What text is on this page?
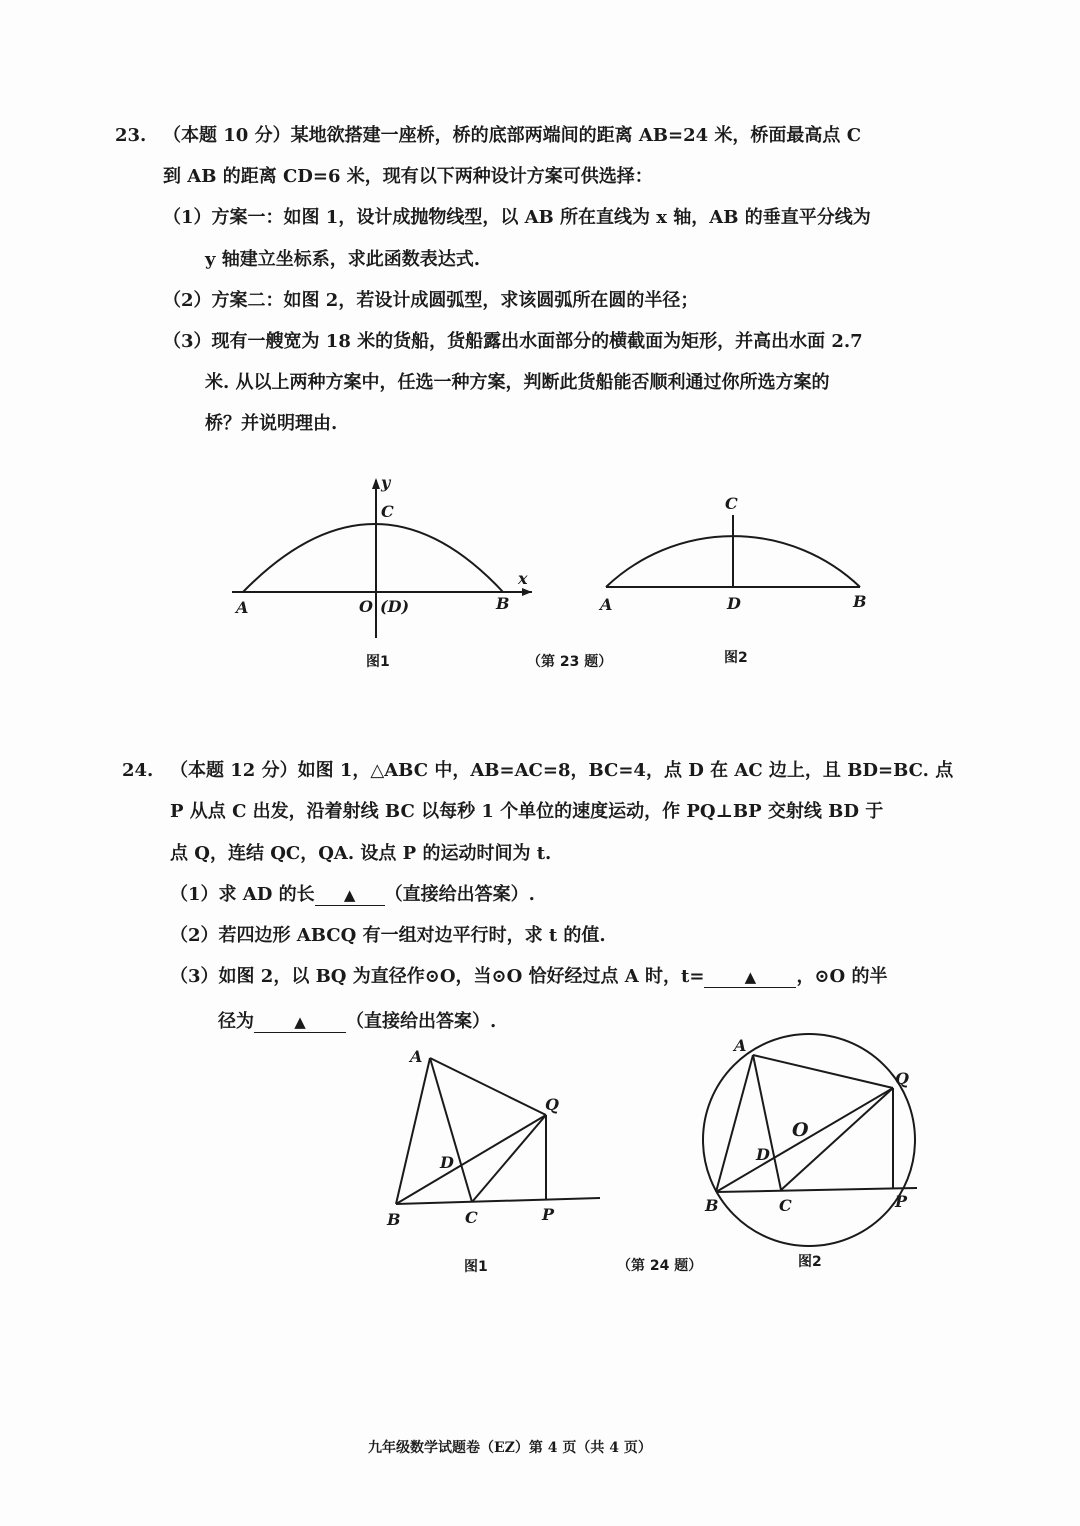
23. （本题 10 分）某地欲搭建一座桥，桥的底部两端间的距离 AB=24 米，桥面最高点 C
到 AB 的距离 CD=6 米，现有以下两种设计方案可供选择：
（1）方案一：如图 1，设计成抛物线型，以 AB 所在直线为 x 轴，AB 的垂直平分线为
y 轴建立坐标系，求此函数表达式.
（2）方案二：如图 2，若设计成圆弧型，求该圆弧所在圆的半径；
（3）现有一艘宽为 18 米的货船，货船露出水面部分的横截面为矩形，并高出水面 2.7
米. 从以上两种方案中，任选一种方案，判断此货船能否顺利通过你所选方案的
桥？并说明理由.
y
x
C
A	O (D)	B
图1	（第 23 题）
C
A	D	B
图2
24. （本题 12 分）如图 1，△ABC 中，AB=AC=8，BC=4，点 D 在 AC 边上，且 BD=BC. 点
P 从点 C 出发，沿着射线 BC 以每秒 1 个单位的速度运动，作 PQ⊥BP 交射线 BD 于
点 Q，连结 QC，QA. 设点 P 的运动时间为 t.
（1）求 AD 的长 ▲ （直接给出答案）.
（2）若四边形 ABCQ 有一组对边平行时，求 t 的值.
（3）如图 2，以 BQ 为直径作⊙O，当⊙O 恰好经过点 A 时，t=	▲ ，⊙O 的半
径为	▲ （直接给出答案）.
A
D
Q
B	C	P
图1	（第 24 题）
A
O
Q
D
B	C	P
图2
九年级数学试题卷（EZ）第 4 页（共 4 页）
